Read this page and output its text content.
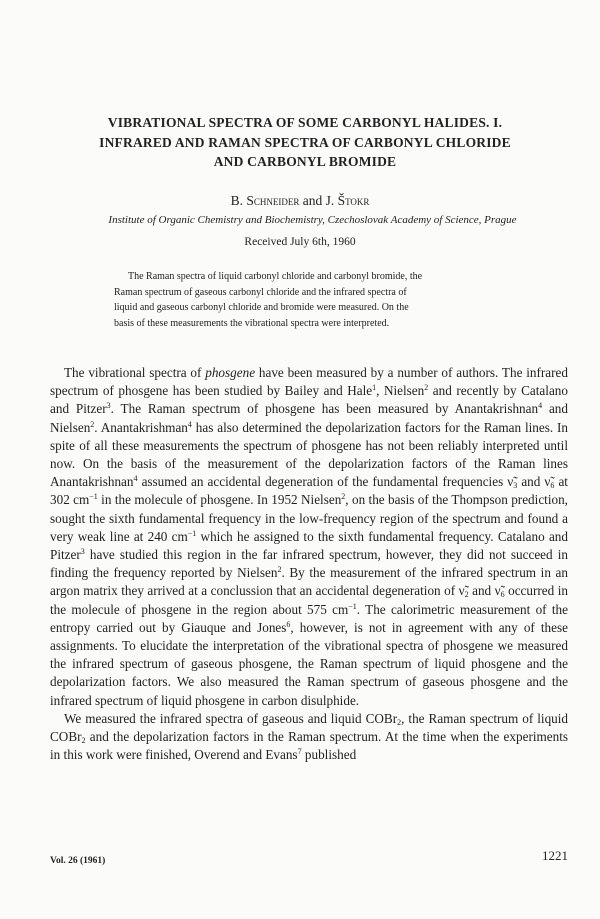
VIBRATIONAL SPECTRA OF SOME CARBONYL HALIDES. I.
INFRARED AND RAMAN SPECTRA OF CARBONYL CHLORIDE
AND CARBONYL BROMIDE
B. Schneider and J. Štokr
Institute of Organic Chemistry and Biochemistry, Czechoslovak Academy of Science, Prague
Received July 6th, 1960
The Raman spectra of liquid carbonyl chloride and carbonyl bromide, the
Raman spectrum of gaseous carbonyl chloride and the infrared spectra of
liquid and gaseous carbonyl chloride and bromide were measured. On the
basis of these measurements the vibrational spectra were interpreted.

The vibrational spectra of phosgene have been measured by a number of authors. The infrared spectrum of phosgene has been studied by Bailey and Hale$^1$, Nielsen$^2$ and recently by Catalano and Pitzer$^3$. The Raman spectrum of phosgene has been measured by Anantakrishnan$^4$ and Nielsen$^2$. Anantakrishman$^4$ has also determined the depolarization factors for the Raman lines. In spite of all these measurements the spectrum of phosgene has not been reliably interpreted until now. On the basis of the measurement of the depolarization factors of the Raman lines Anantakrishnan$^4$ assumed an accidental degeneration of the fundamental frequencies $\nũ_3$ and $\nũ_6$ at 302 $cm^{-1}$ in the molecule of phosgene. In 1952 Nielsen$^2$, on the basis of the Thompson prediction, sought the sixth fundamental frequency in the low-frequency region of the spectrum and found a very weak line at 240 $cm^{-1}$ which he assigned to the sixth fundamental frequency. Catalano and Pitzer$^3$ have studied this region in the far infrared spectrum, however, they did not succeed in finding the frequency reported by Nielsen$^2$. By the measurement of the infrared spectrum in an argon matrix they arrived at a conclussion that an accidental degeneration of $\nũ_2$ and $\nũ_6$ occurred in the molecule of phosgene in the region about 575 $cm^{-1}$. The calorimetric measurement of the entropy carried out by Giauque and Jones$^6$, however, is not in agreement with any of these assignments. To elucidate the interpretation of the vibrational spectra of phosgene we measured the infrared spectrum of gaseous phosgene, the Raman spectrum of liquid phosgene and the depolarization factors. We also measured the Raman spectrum of gaseous phosgene and the infrared spectrum of liquid phosgene in carbon disulphide.

We measured the infrared spectra of gaseous and liquid COBr$_2$, the Raman spectrum of liquid COBr$_2$ and the depolarization factors in the Raman spectrum. At the time when the experiments in this work were finished, Overend and Evans$^7$ published

Vol. 26 (1961)	1221
